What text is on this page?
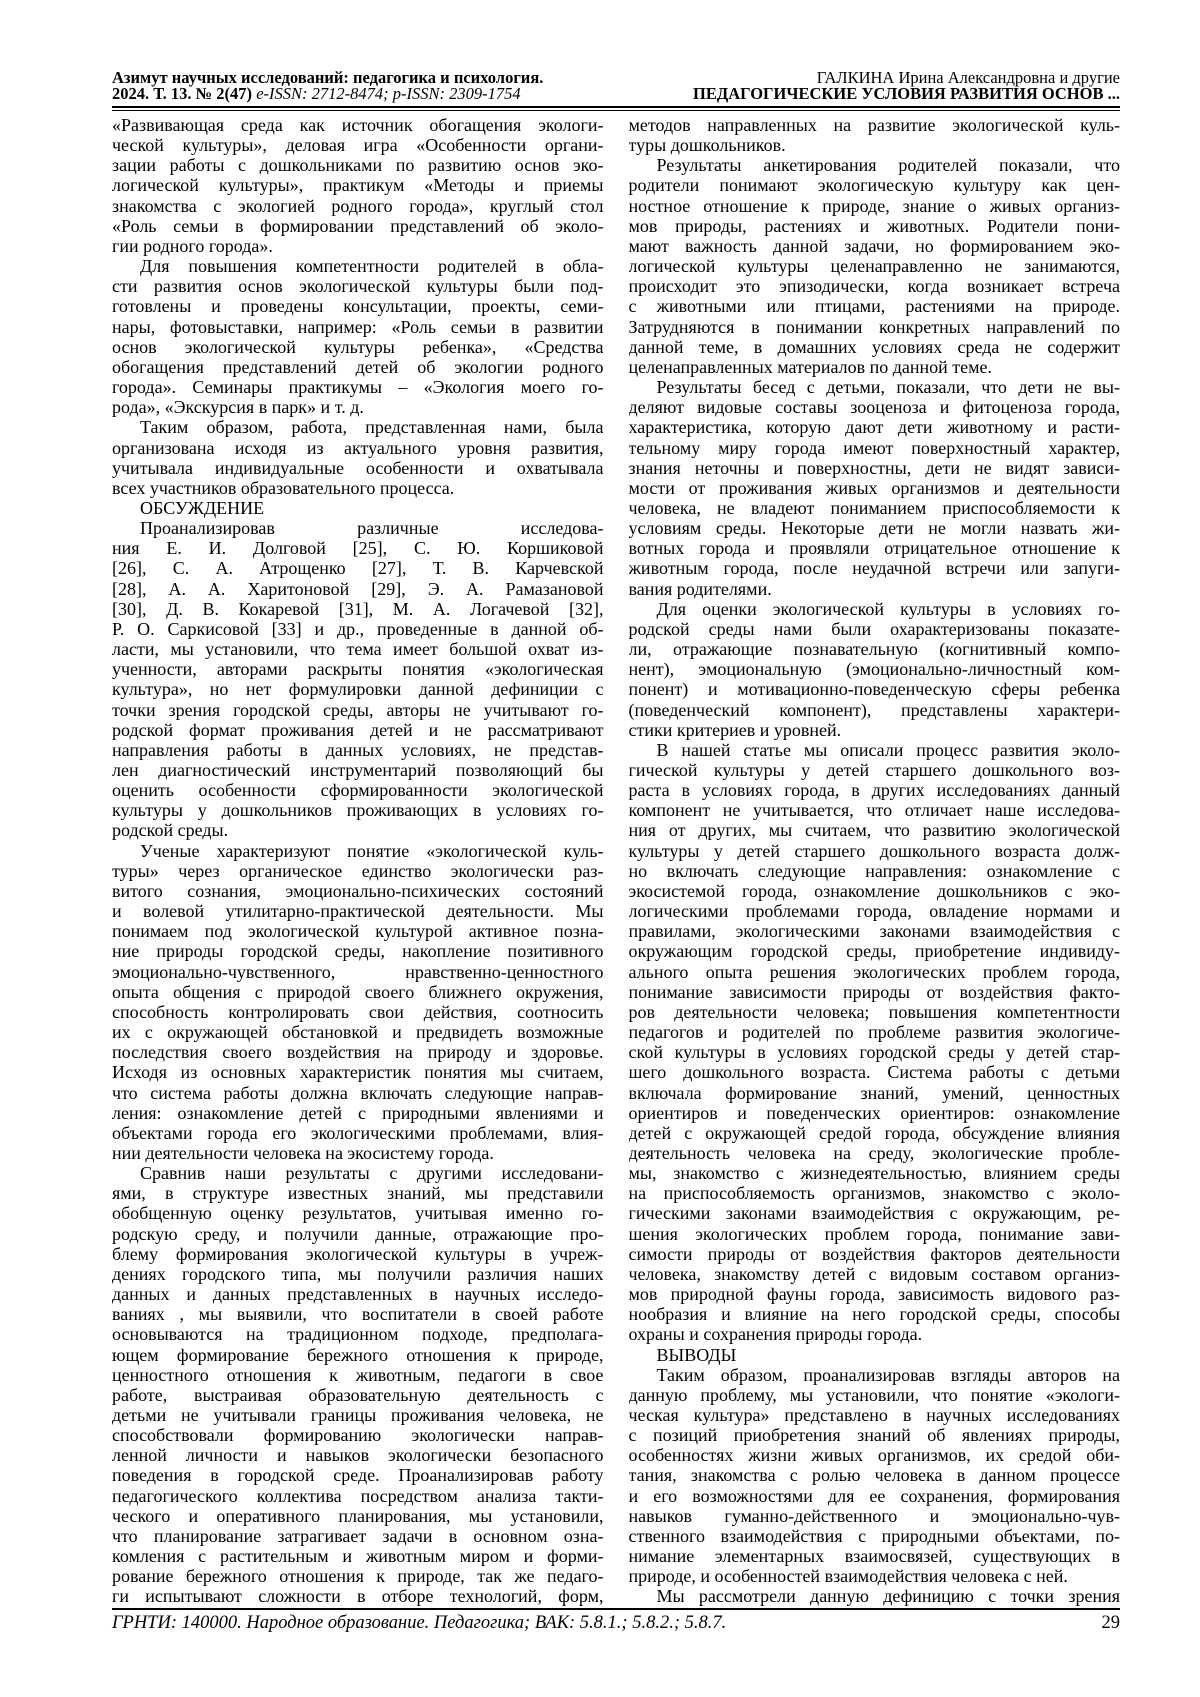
Азимут научных исследований: педагогика и психология.
2024. Т. 13. № 2(47) e-ISSN: 2712-8474; p-ISSN: 2309-1754
ГАЛКИНА Ирина Александровна и другие
ПЕДАГОГИЧЕСКИЕ УСЛОВИЯ РАЗВИТИЯ ОСНОВ ...
«Развивающая среда как источник обогащения экологи-
ческой культуры», деловая игра «Особенности органи-
зации работы с дошкольниками по развитию основ эко-
логической культуры», практикум «Методы и приемы
знакомства с экологией родного города», круглый стол
«Роль семьи в формировании представлений об эколо-
гии родного города».
Для повышения компетентности родителей в обла-
сти развития основ экологической культуры были под-
готовлены и проведены консультации, проекты, семи-
нары, фотовыставки, например: «Роль семьи в развитии
основ экологической культуры ребенка», «Средства
обогащения представлений детей об экологии родного
города». Семинары практикумы – «Экология моего го-
рода», «Экскурсия в парк» и т. д.
Таким образом, работа, представленная нами, была
организована исходя из актуального уровня развития,
учитывала индивидуальные особенности и охватывала
всех участников образовательного процесса.
ОБСУЖДЕНИЕ
Проанализировав различные исследова-
ния Е. И. Долговой [25], С. Ю. Коршиковой
[26], С. А. Атрощенко [27], Т. В. Карчевской
[28], А. А. Харитоновой [29], Э. А. Рамазановой
[30], Д. В. Кокаревой [31], М. А. Логачевой [32],
Р. О. Саркисовой [33] и др., проведенные в данной об-
ласти, мы установили, что тема имеет большой охват из-
ученности, авторами раскрыты понятия «экологическая
культура», но нет формулировки данной дефиниции с
точки зрения городской среды, авторы не учитывают го-
родской формат проживания детей и не рассматривают
направления работы в данных условиях, не представ-
лен диагностический инструментарий позволяющий бы
оценить особенности сформированности экологической
культуры у дошкольников проживающих в условиях го-
родской среды.
Ученые характеризуют понятие «экологической куль-
туры» через органическое единство экологически раз-
витого сознания, эмоционально-психических состояний
и волевой утилитарно-практической деятельности. Мы
понимаем под экологической культурой активное позна-
ние природы городской среды, накопление позитивного
эмоционально-чувственного, нравственно-ценностного
опыта общения с природой своего ближнего окружения,
способность контролировать свои действия, соотносить
их с окружающей обстановкой и предвидеть возможные
последствия своего воздействия на природу и здоровье.
Исходя из основных характеристик понятия мы считаем,
что система работы должна включать следующие направ-
ления: ознакомление детей с природными явлениями и
объектами города его экологическими проблемами, влия-
нии деятельности человека на экосистему города.
Сравнив наши результаты с другими исследовани-
ями, в структуре известных знаний, мы представили
обобщенную оценку результатов, учитывая именно го-
родскую среду, и получили данные, отражающие про-
блему формирования экологической культуры в учреж-
дениях городского типа, мы получили различия наших
данных и данных представленных в научных исследо-
ваниях , мы выявили, что воспитатели в своей работе
основываются на традиционном подходе, предполага-
ющем формирование бережного отношения к природе,
ценностного отношения к животным, педагоги в свое
работе, выстраивая образовательную деятельность с
детьми не учитывали границы проживания человека, не
способствовали формированию экологически направ-
ленной личности и навыков экологически безопасного
поведения в городской среде. Проанализировав работу
педагогического коллектива посредством анализа такти-
ческого и оперативного планирования, мы установили,
что планирование затрагивает задачи в основном озна-
комления с растительным и животным миром и форми-
рование бережного отношения к природе, так же педаго-
ги испытывают сложности в отборе технологий, форм,
методов направленных на развитие экологической куль-
туры дошкольников.
Результаты анкетирования родителей показали, что
родители понимают экологическую культуру как цен-
ностное отношение к природе, знание о живых организ-
мов природы, растениях и животных. Родители пони-
мают важность данной задачи, но формированием эко-
логической культуры целенаправленно не занимаются,
происходит это эпизодически, когда возникает встреча
с животными или птицами, растениями на природе.
Затрудняются в понимании конкретных направлений по
данной теме, в домашних условиях среда не содержит
целенаправленных материалов по данной теме.
Результаты бесед с детьми, показали, что дети не вы-
деляют видовые составы зооценоза и фитоценоза города,
характеристика, которую дают дети животному и расти-
тельному миру города имеют поверхностный характер,
знания неточны и поверхностны, дети не видят зависи-
мости от проживания живых организмов и деятельности
человека, не владеют пониманием приспособляемости к
условиям среды. Некоторые дети не могли назвать жи-
вотных города и проявляли отрицательное отношение к
животным города, после неудачной встречи или запуги-
вания родителями.
Для оценки экологической культуры в условиях го-
родской среды нами были охарактеризованы показате-
ли, отражающие познавательную (когнитивный компо-
нент), эмоциональную (эмоционально-личностный ком-
понент) и мотивационно-поведенческую сферы ребенка
(поведенческий компонент), представлены характери-
стики критериев и уровней.
В нашей статье мы описали процесс развития эколо-
гической культуры у детей старшего дошкольного воз-
раста в условиях города, в других исследованиях данный
компонент не учитывается, что отличает наше исследова-
ния от других, мы считаем, что развитию экологической
культуры у детей старшего дошкольного возраста долж-
но включать следующие направления: ознакомление с
экосистемой города, ознакомление дошкольников с эко-
логическими проблемами города, овладение нормами и
правилами, экологическими законами взаимодействия с
окружающим городской среды, приобретение индивиду-
ального опыта решения экологических проблем города,
понимание зависимости природы от воздействия факто-
ров деятельности человека; повышения компетентности
педагогов и родителей по проблеме развития экологиче-
ской культуры в условиях городской среды у детей стар-
шего дошкольного возраста. Система работы с детьми
включала формирование знаний, умений, ценностных
ориентиров и поведенческих ориентиров: ознакомление
детей с окружающей средой города, обсуждение влияния
деятельность человека на среду, экологические пробле-
мы, знакомство с жизнедеятельностью, влиянием среды
на приспособляемость организмов, знакомство с эколо-
гическими законами взаимодействия с окружающим, ре-
шения экологических проблем города, понимание зави-
симости природы от воздействия факторов деятельности
человека, знакомству детей с видовым составом организ-
мов природной фауны города, зависимость видового раз-
нообразия и влияние на него городской среды, способы
охраны и сохранения природы города.
ВЫВОДЫ
Таким образом, проанализировав взгляды авторов на
данную проблему, мы установили, что понятие «экологи-
ческая культура» представлено в научных исследованиях
с позиций приобретения знаний об явлениях природы,
особенностях жизни живых организмов, их средой оби-
тания, знакомства с ролью человека в данном процессе
и его возможностями для ее сохранения, формирования
навыков гуманно-действенного и эмоционально-чув-
ственного взаимодействия с природными объектами, по-
нимание элементарных взаимосвязей, существующих в
природе, и особенностей взаимодействия человека с ней.
Мы рассмотрели данную дефиницию с точки зрения
ГРНТИ: 140000. Народное образование. Педагогика; ВАК: 5.8.1.; 5.8.2.; 5.8.7.	29
